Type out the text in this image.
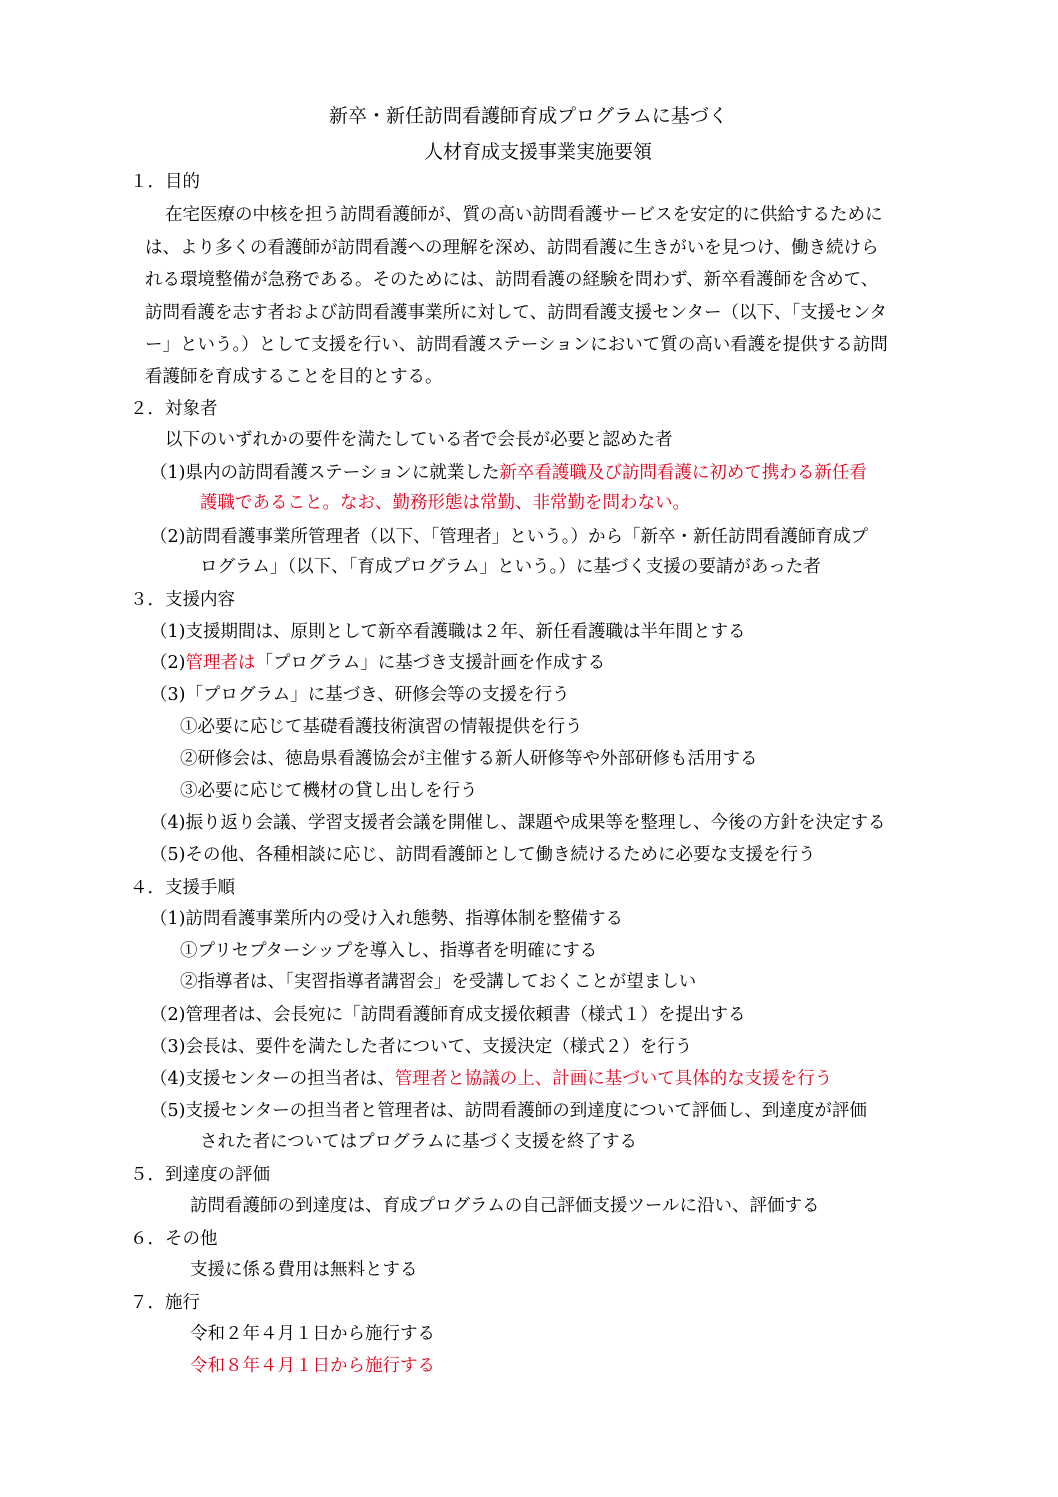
新卒・新任訪問看護師育成プログラムに基づく
人材育成支援事業実施要領
１．目的
在宅医療の中核を担う訪問看護師が、質の高い訪問看護サービスを安定的に供給するために
は、より多くの看護師が訪問看護への理解を深め、訪問看護に生きがいを見つけ、働き続けら
れる環境整備が急務である。そのためには、訪問看護の経験を問わず、新卒看護師を含めて、
訪問看護を志す者および訪問看護事業所に対して、訪問看護支援センター（以下、「支援センタ
ー」という。）として支援を行い、訪問看護ステーションにおいて質の高い看護を提供する訪問
看護師を育成することを目的とする。
２．対象者
以下のいずれかの要件を満たしている者で会長が必要と認めた者
（1)県内の訪問看護ステーションに就業した新卒看護職及び訪問看護に初めて携わる新任看
護職であること。なお、勤務形態は常勤、非常勤を問わない。
（2)訪問看護事業所管理者（以下、「管理者」という。）から「新卒・新任訪問看護師育成プ
ログラム」（以下、「育成プログラム」という。）に基づく支援の要請があった者
３．支援内容
（1)支援期間は、原則として新卒看護職は２年、新任看護職は半年間とする
（2)管理者は「プログラム」に基づき支援計画を作成する
（3)「プログラム」に基づき、研修会等の支援を行う
①必要に応じて基礎看護技術演習の情報提供を行う
②研修会は、徳島県看護協会が主催する新人研修等や外部研修も活用する
③必要に応じて機材の貸し出しを行う
（4)振り返り会議、学習支援者会議を開催し、課題や成果等を整理し、今後の方針を決定する
（5)その他、各種相談に応じ、訪問看護師として働き続けるために必要な支援を行う
４．支援手順
（1)訪問看護事業所内の受け入れ態勢、指導体制を整備する
①プリセプターシップを導入し、指導者を明確にする
②指導者は、「実習指導者講習会」を受講しておくことが望ましい
（2)管理者は、会長宛に「訪問看護師育成支援依頼書（様式１）を提出する
（3)会長は、要件を満たした者について、支援決定（様式２）を行う
（4)支援センターの担当者は、管理者と協議の上、計画に基づいて具体的な支援を行う
（5)支援センターの担当者と管理者は、訪問看護師の到達度について評価し、到達度が評価
された者についてはプログラムに基づく支援を終了する
５．到達度の評価
訪問看護師の到達度は、育成プログラムの自己評価支援ツールに沿い、評価する
６．その他
支援に係る費用は無料とする
７．施行
令和２年４月１日から施行する
令和８年４月１日から施行する
